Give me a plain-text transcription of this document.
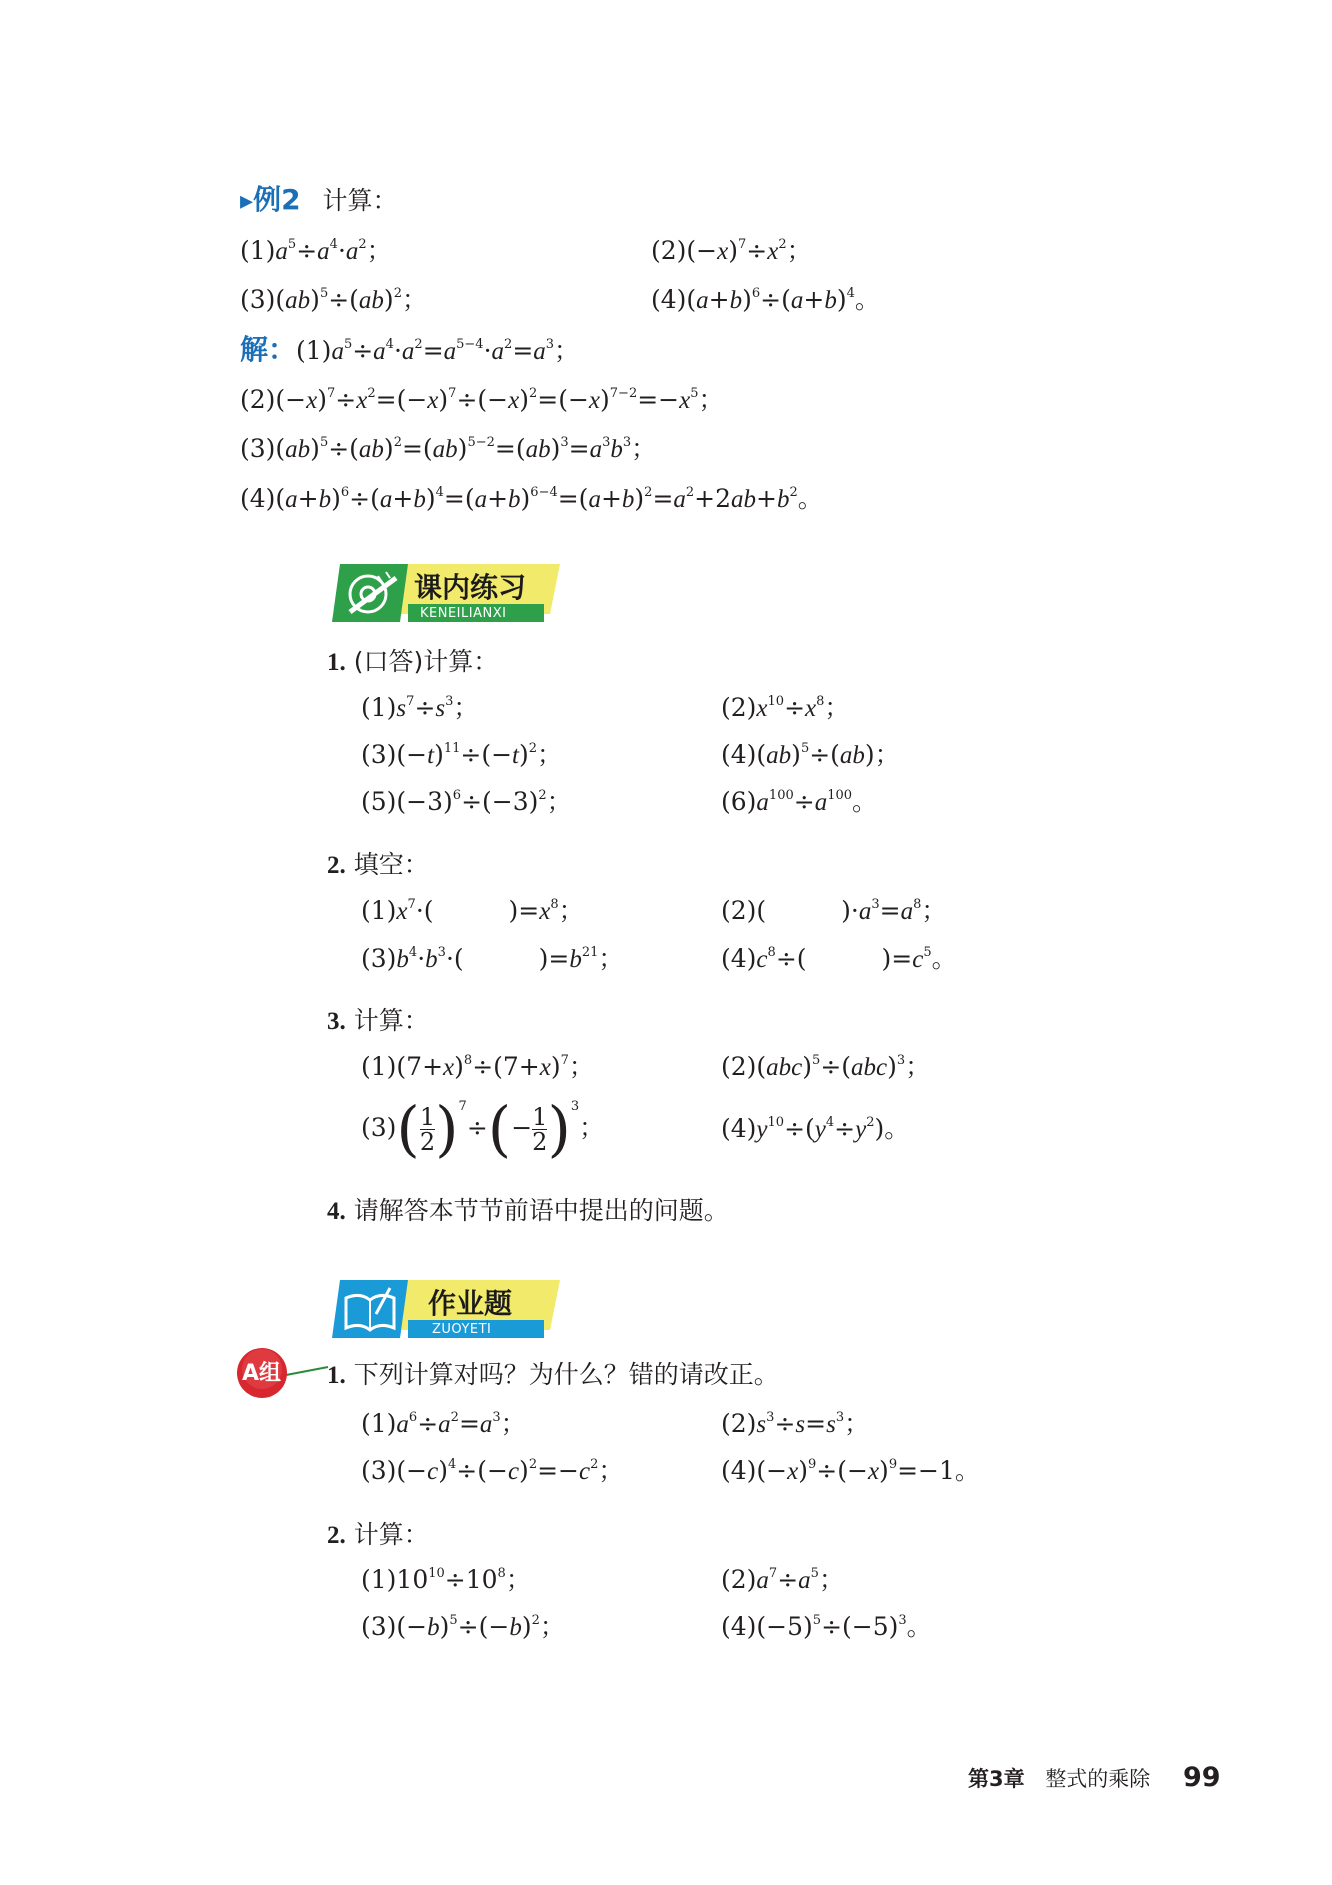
▸例2 计算：
$(1)a^5\div a^4\cdot a^2$；	$(2)(-x)^7\div x^2$；
(3)(ab)$^5$÷(ab)$^2$；	$(4)(a+b)^6\div(a+b)^4$。
解：$(1)a^5\div a^4\cdot a^2=a^{5-4}\cdot a^2=a^3$；
$(2)(-x)^7\div x^2=(-x)^7\div(-x)^2=(-x)^{7-2}=-x^5$；
$(3)(ab)^5\div(ab)^2=(ab)^{5-2}=(ab)^3=a^3b^3$；
$(4)(a+b)^6\div(a+b)^4=(a+b)^{6-4}=(a+b)^2=a^2+2ab+b^2$。
课内练习
KENEILIANXI
1. (口答)计算：
$(1)s^7\div s^3$；	$(2)x^{10}\div x^8$；
$(3)(-t)^{11}\div(-t)^2$；	(4)(ab)$^5$÷(ab)；
$(5)(-3)^6\div(-3)^2$；	$(6)a^{100}\div a^{100}$。
2. 填空：
$(1)x^7\cdot$(　　　)$=x^8$；	(2)(　　　)$\cdot a^3=a^8$；
$(3)b^4\cdot b^3\cdot$(　　　)$=b^{21}$；	$(4)c^8\div$(　　　)$=c^5$。
3. 计算：
$(1)(7+x)^8\div(7+x)^7$；	(2)(abc)$^5$÷(abc)$^3$；
$(3)( \frac{1}{2} )^7\div(- \frac{1}{2} )^3$；	$(4)y^{10}\div(y^4\div y^2)$。
4. 请解答本节节前语中提出的问题。
作业题
ZUOYETI
A组 1. 下列计算对吗？为什么？错的请改正。
$(1)a^6\div a^2=a^3$；	$(2)s^3\div s=s^3$；
$(3)(-c)^4\div(-c)^2=-c^2$；	$(4)(-x)^9\div(-x)^9=-1$。
2. 计算：
$(1)10^{10}\div 10^8$；	$(2)a^7\div a^5$；
$(3)(-b)^5\div(-b)^2$；	$(4)(-5)^5\div(-5)^3$。
第3章 整式的乘除 99
